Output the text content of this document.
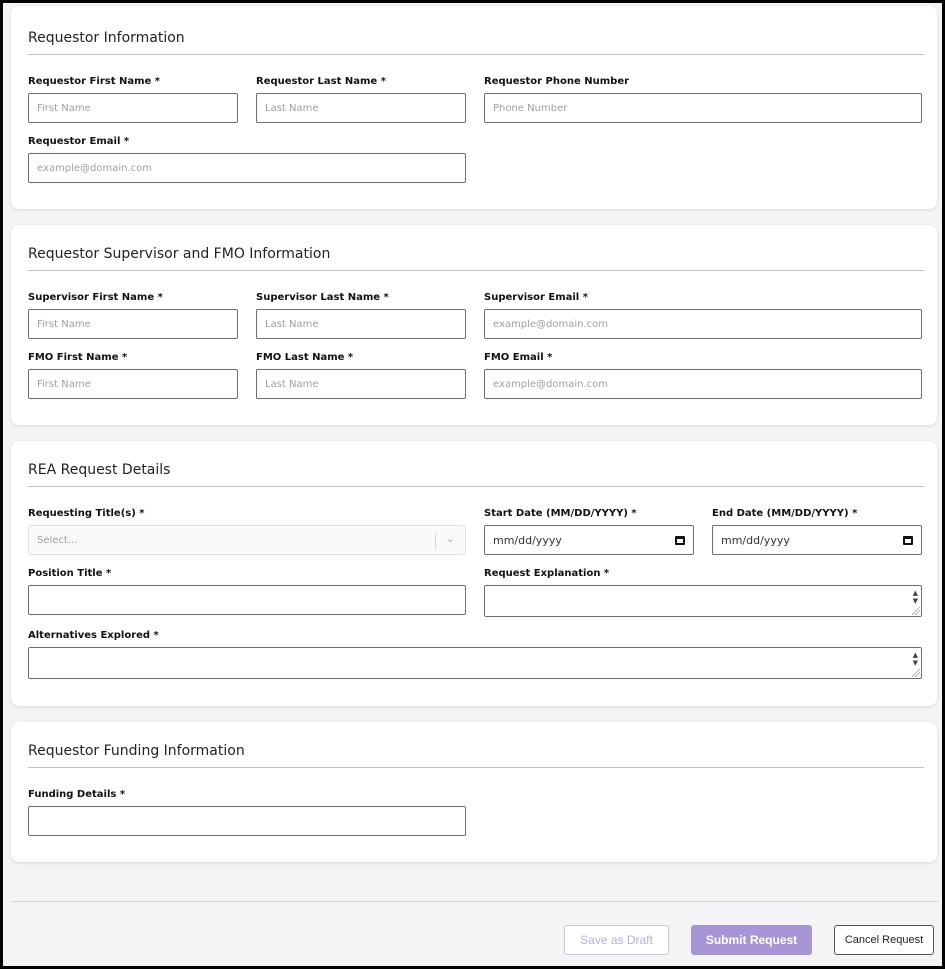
Requestor Information
Requestor First Name *
First Name
Requestor Last Name *
Last Name
Requestor Phone Number
Phone Number
Requestor Email *
example@domain.com
Requestor Supervisor and FMO Information
Supervisor First Name *
First Name
Supervisor Last Name *
Last Name
Supervisor Email *
example@domain.com
FMO First Name *
First Name
FMO Last Name *
Last Name
FMO Email *
example@domain.com
REA Request Details
Requesting Title(s) *
Select...	⌄
Start Date (MM/DD/YYYY) *
mm/dd/yyyy
End Date (MM/DD/YYYY) *
mm/dd/yyyy
Position Title *	Request Explanation *
▲
▼
Alternatives Explored *
▲
▼
Requestor Funding Information
Funding Details *
Save as Draft	Submit Request	Cancel Request
